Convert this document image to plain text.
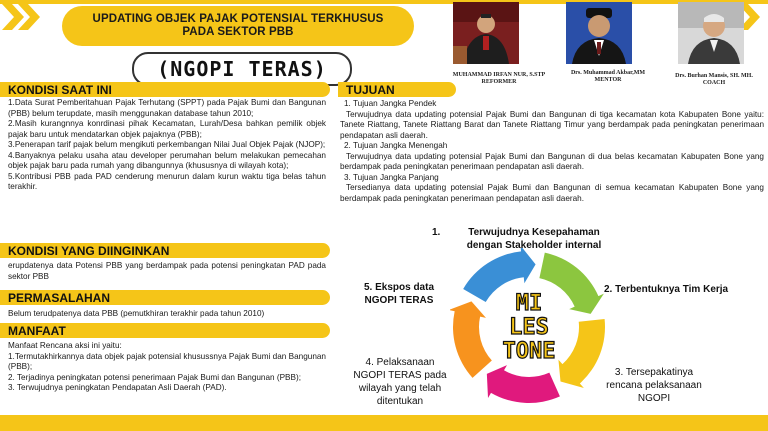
UPDATING OBJEK PAJAK POTENSIAL TERKHUSUS
PADA SEKTOR PBB
(NGOPI TERAS)	MUHAMMAD IRFAN NUR, S.STP
REFORMER
Drs. Muhammad Akbar,MM
MENTOR
Drs. Burhan Mansis, SH. MH.
COACH
KONDISI SAAT INI

1.Data Surat Pemberitahuan Pajak Terhutang (SPPT) pada Pajak Bumi dan Bangunan (PBB) belum terupdate, masih menggunakan database tahun 2010;

2.Masih kurangnnya konrdinasi pihak Kecamatan, Lurah/Desa bahkan pemilik objek pajak baru untuk mendatarkan objek pajaknya (PBB);

3.Penerapan tarif pajak belum mengikuti perkembangan Nilai Jual Objek Pajak (NJOP);

4.Banyaknya pelaku usaha atau developer perumahan belum melakukan pemecahan objek pajak baru pada rumah yang dibangunnya (khususnya di wilayah kota);

5.Kontribusi PBB pada PAD cenderung menurun dalam kurun waktu tiga belas tahun terakhir.

KONDISI YANG DIINGINKAN
erupdatenya data Potensi PBB yang berdampak pada potensi peningkatan PAD pada sektor PBB
PERMASALAHAN
Belum terudpatenya data PBB (pemutkhiran terakhir pada tahun 2010)
MANFAAT

Manfaat Rencana aksi ini yaitu:

1.Termutakhirkannya data objek pajak potensial khusussnya Pajak Bumi dan Bangunan (PBB);

2. Terjadinya peningkatan potensi penerimaan Pajak Bumi dan Bangunan (PBB);

3. Terwujudnya peningkatan Pendapatan Asli Daerah (PAD).

TUJUAN

1. Tujuan Jangka Pendek

Terwujudnya data updating potensial Pajak Bumi dan Bangunan di tiga kecamatan kota Kabupaten Bone yaitu: Tanete Riattang, Tanete Riattang Barat dan Tanete Riattang Timur yang berdampak pada peningkatan penerimaan pendapatan asli daerah.

2. Tujuan Jangka Menengah

Terwujudnya data updating potensial Pajak Bumi dan Bangunan di dua belas kecamatan Kabupaten Bone yang berdampak pada peningkatan penerimaan pendapatan asli daerah.

3. Tujuan Jangka Panjang

Tersedianya data updating potensial Pajak Bumi dan Bangunan di semua kecamatan Kabupaten Bone yang berdampak pada peningkatan penerimaan pendapatan asli daerah.

MI
LES
TONE
1.	Terwujudnya Kesepahaman
dengan Stakeholder internal
2. Terbentuknya Tim Kerja
3. Tersepakatinya
rencana pelaksanaan
NGOPI
4. Pelaksanaan
NGOPI TERAS pada
wilayah yang telah
ditentukan
5. Ekspos data
NGOPI TERAS
